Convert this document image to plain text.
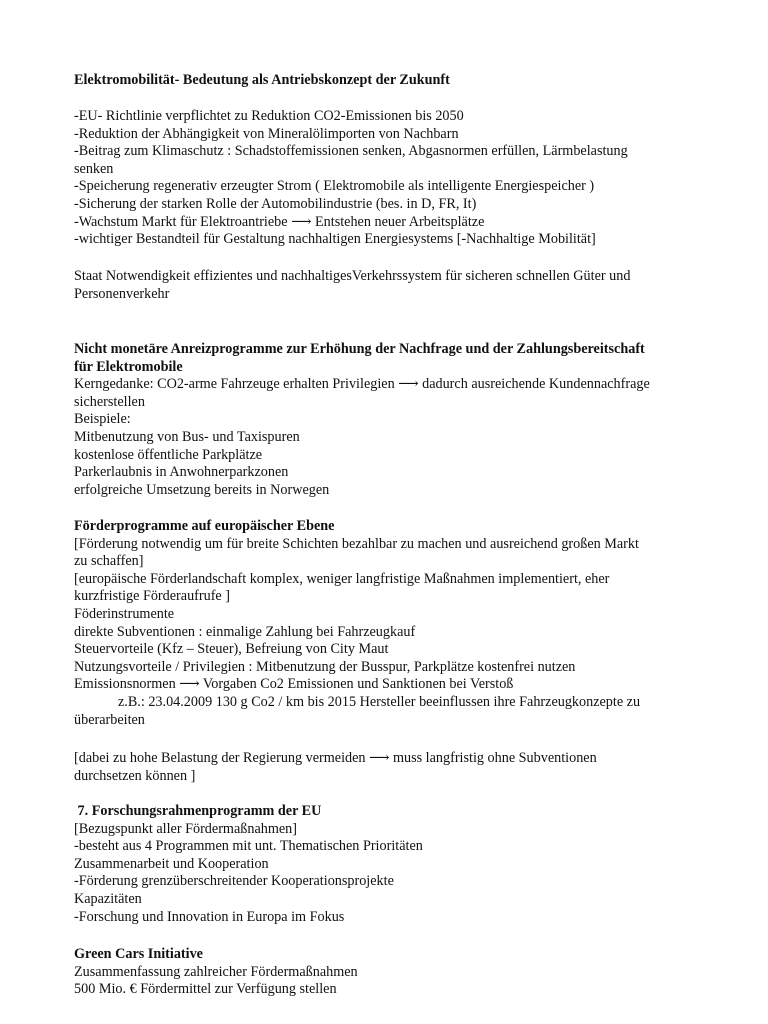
Elektromobilität- Bedeutung als Antriebskonzept der Zukunft
-EU- Richtlinie verpflichtet zu Reduktion CO2-Emissionen bis 2050
-Reduktion der Abhängigkeit von Mineralölimporten von Nachbarn
-Beitrag zum Klimaschutz : Schadstoffemissionen senken, Abgasnormen erfüllen, Lärmbelastung
senken
-Speicherung regenerativ erzeugter Strom ( Elektromobile als intelligente Energiespeicher )
-Sicherung der starken Rolle der Automobilindustrie (bes. in D, FR, It)
-Wachstum Markt für Elektroantriebe ⟶ Entstehen neuer Arbeitsplätze
-wichtiger Bestandteil für Gestaltung nachhaltigen Energiesystems [-Nachhaltige Mobilität]
Staat Notwendigkeit effizientes und nachhaltigesVerkehrssystem für sicheren schnellen Güter und
Personenverkehr
Nicht monetäre Anreizprogramme zur Erhöhung der Nachfrage und der Zahlungsbereitschaft
für Elektromobile
Kerngedanke: CO2-arme Fahrzeuge erhalten Privilegien ⟶ dadurch ausreichende Kundennachfrage
sicherstellen
Beispiele:
Mitbenutzung von Bus- und Taxispuren
kostenlose öffentliche Parkplätze
Parkerlaubnis in Anwohnerparkzonen
erfolgreiche Umsetzung bereits in Norwegen
Förderprogramme auf europäischer Ebene
[Förderung notwendig um für breite Schichten bezahlbar zu machen und ausreichend großen Markt
zu schaffen]
[europäische Förderlandschaft komplex, weniger langfristige Maßnahmen implementiert, eher
kurzfristige Förderaufrufe ]
Föderinstrumente
direkte Subventionen : einmalige Zahlung bei Fahrzeugkauf
Steuervorteile (Kfz – Steuer), Befreiung von City Maut
Nutzungsvorteile / Privilegien : Mitbenutzung der Busspur, Parkplätze kostenfrei nutzen
Emissionsnormen ⟶ Vorgaben Co2 Emissionen und Sanktionen bei Verstoß
z.B.: 23.04.2009 130 g Co2 / km bis 2015 Hersteller beeinflussen ihre Fahrzeugkonzepte zu
überarbeiten
[dabei zu hohe Belastung der Regierung vermeiden ⟶ muss langfristig ohne Subventionen
durchsetzen können ]
7. Forschungsrahmenprogramm der EU
[Bezugspunkt aller Fördermaßnahmen]
-besteht aus 4 Programmen mit unt. Thematischen Prioritäten
Zusammenarbeit und Kooperation
-Förderung grenzüberschreitender Kooperationsprojekte
Kapazitäten
-Forschung und Innovation in Europa im Fokus
Green Cars Initiative
Zusammenfassung zahlreicher Fördermaßnahmen
500 Mio. € Fördermittel zur Verfügung stellen
